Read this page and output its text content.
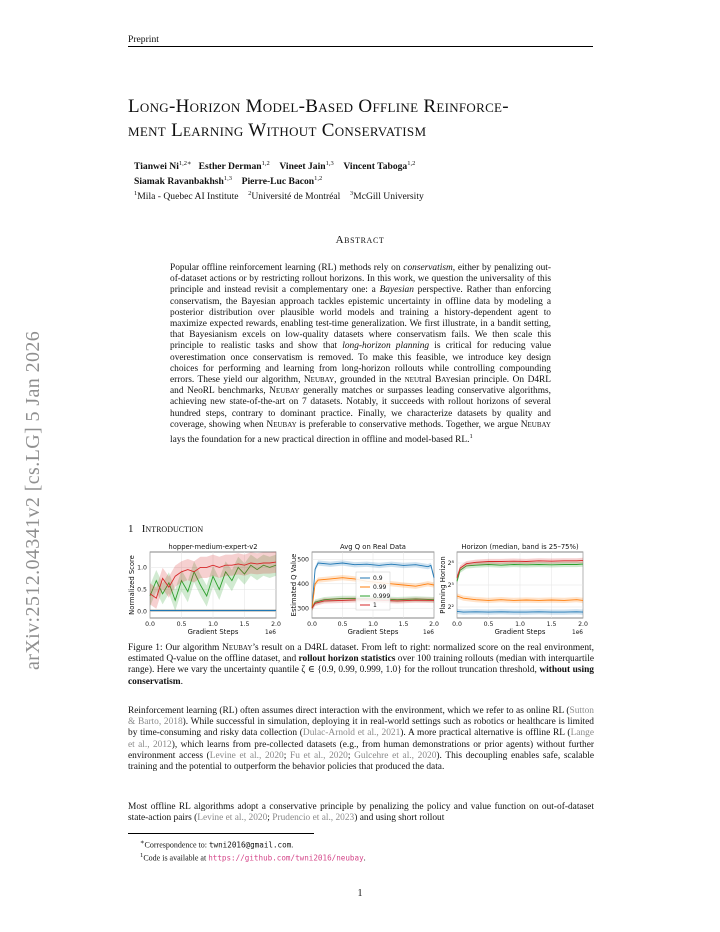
Preprint
arXiv:2512.04341v2 [cs.LG] 5 Jan 2026
Long-Horizon Model-Based Offline Reinforce-
ment Learning Without Conservatism
Tianwei $Ni^{1,2∗}$ Esther Derman$^{1,2}$ Vineet Jain$^{1,3}$ Vincent Taboga$^{1,2}$
Siamak Ravanbakhsh$^{1,3}$ Pierre-Luc Bacon$^{1,2}$
$^1$Mila - Quebec AI Institute $^2$Université de Montréal $^3$McGill University
Abstract
Popular offline reinforcement learning (RL) methods rely on conservatism, either by penalizing out-of-dataset actions or by restricting rollout horizons. In this work, we question the universality of this principle and instead revisit a complementary one: a Bayesian perspective. Rather than enforcing conservatism, the Bayesian approach tackles epistemic uncertainty in offline data by modeling a posterior distribution over plausible world models and training a history-dependent agent to maximize expected rewards, enabling test-time generalization. We first illustrate, in a bandit setting, that Bayesianism excels on low-quality datasets where conservatism fails. We then scale this principle to realistic tasks and show that long-horizon planning is critical for reducing value overestimation once conservatism is removed. To make this feasible, we introduce key design choices for performing and learning from long-horizon rollouts while controlling compounding errors. These yield our algorithm, Neubay, grounded in the neutral Bayesian principle. On D4RL and NeoRL benchmarks, Neubay generally matches or surpasses leading conservative algorithms, achieving new state-of-the-art on 7 datasets. Notably, it succeeds with rollout horizons of several hundred steps, contrary to dominant practice. Finally, we characterize datasets by quality and coverage, showing when Neubay is preferable to conservative methods. Together, we argue Neubay lays the foundation for a new practical direction in offline and model-based RL.$^1$
1 Introduction
0.0	0.5	1.0	1.5	2.0
0.0
0.5
1.0
hopper-medium-expert-v2
Gradient Steps	1e6
Normalized Score
0.0	0.5	1.0	1.5	2.0
300
400
500
Avg Q on Real Data
Gradient Steps	1e6
Estimated Q Value	0.9
0.99
0.999
1
0.0	0.5	1.0	1.5	2.0
2²
2⁵
2⁸
Horizon (median, band is 25–75%)
Gradient Steps	1e6
Planning Horizon
Figure 1: Our algorithm Neubay’s result on a D4RL dataset. From left to right: normalized score on the real environment, estimated Q-value on the offline dataset, and rollout horizon statistics over 100 training rollouts (median with interquartile range). Here we vary the uncertainty quantile ζ ∈ {0.9, 0.99, 0.999, 1.0} for the rollout truncation threshold, without using conservatism.
Reinforcement learning (RL) often assumes direct interaction with the environment, which we refer to as online RL (Sutton & Barto, 2018). While successful in simulation, deploying it in real-world settings such as robotics or healthcare is limited by time-consuming and risky data collection (Dulac-Arnold et al., 2021). A more practical alternative is offline RL (Lange et al., 2012), which learns from pre-collected datasets (e.g., from human demonstrations or prior agents) without further environment access (Levine et al., 2020; Fu et al., 2020; Gulcehre et al., 2020). This decoupling enables safe, scalable training and the potential to outperform the behavior policies that produced the data.
Most offline RL algorithms adopt a conservative principle by penalizing the policy and value function on out-of-dataset state-action pairs (Levine et al., 2020; Prudencio et al., 2023) and using short rollout
∗Correspondence to: twni2016@gmail.com.
$^1$Code is available at https://github.com/twni2016/neubay.
1
